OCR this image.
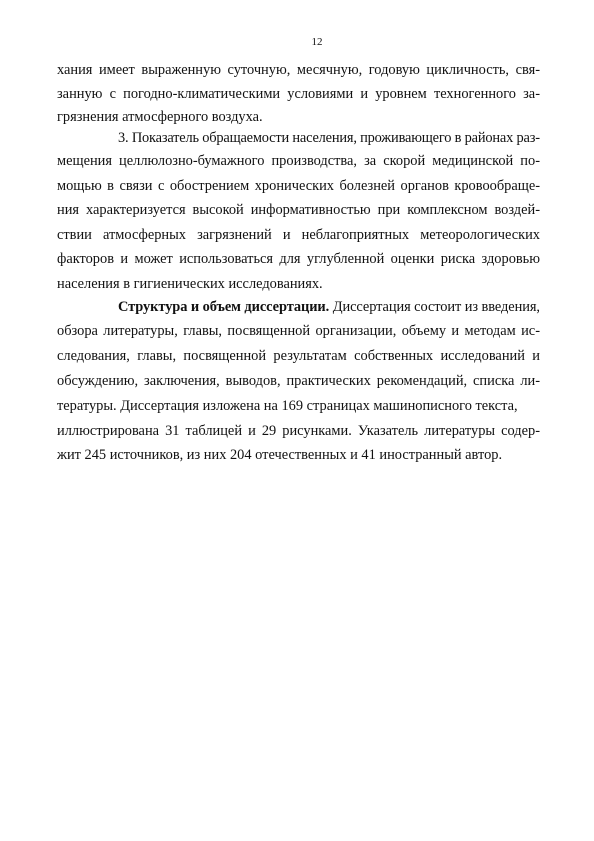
12
хания имеет выраженную суточную, месячную, годовую цикличность, свя-
занную с погодно-климатическими условиями и уровнем техногенного за-
грязнения атмосферного воздуха.
3. Показатель обращаемости населения, проживающего в районах раз-
мещения целлюлозно-бумажного производства, за скорой медицинской по-
мощью в связи с обострением хронических болезней органов кровообраще-
ния характеризуется высокой информативностью при комплексном воздей-
ствии атмосферных загрязнений и неблагоприятных метеорологических
факторов и может использоваться для углубленной оценки риска здоровью
населения в гигиенических исследованиях.
Структура и объем диссертации. Диссертация состоит из введения,
обзора литературы, главы, посвященной организации, объему и методам ис-
следования, главы, посвященной результатам собственных исследований и
обсуждению, заключения, выводов, практических рекомендаций, списка ли-
тературы. Диссертация изложена на 169 страницах машинописного текста,
иллюстрирована 31 таблицей и 29 рисунками. Указатель литературы содер-
жит 245 источников, из них 204 отечественных и 41 иностранный автор.
